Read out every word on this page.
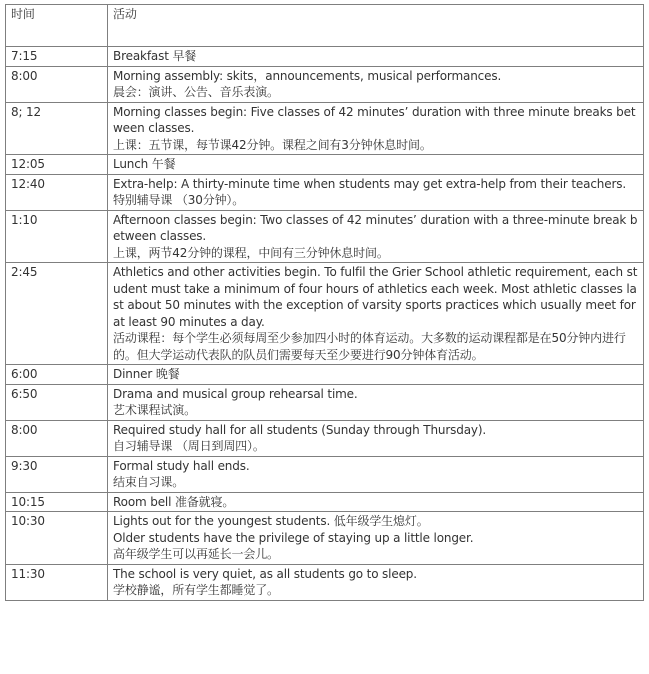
时间	活动
7:15	Breakfast 早餐

8:00	Morning assembly: skits，announcements, musical performances.
晨会：演讲、公告、音乐表演。

8; 12	Morning classes begin: Five classes of 42 minutes’ duration with three minute breaks between classes.
上课：五节课，每节课42分钟。课程之间有3分钟休息时间。

12:05	Lunch 午餐

12:40	Extra-help: A thirty-minute time when students may get extra-help from their teachers. 特别辅导课 （30分钟）。

1:10	Afternoon classes begin: Two classes of 42 minutes’ duration with a three-minute break between classes.
上课，两节42分钟的课程，中间有三分钟休息时间。

2:45	Athletics and other activities begin. To fulfil the Grier School athletic requirement, each student must take a minimum of four hours of athletics each week. Most athletic classes last about 50 minutes with the exception of varsity sports practices which usually meet for at least 90 minutes a day.
活动课程：每个学生必须每周至少参加四小时的体育运动。大多数的运动课程都是在50分钟内进行的。但大学运动代表队的队员们需要每天至少要进行90分钟体育活动。

6:00	Dinner 晚餐

6:50	Drama and musical group rehearsal time.
艺术课程试演。

8:00	Required study hall for all students (Sunday through Thursday).
自习辅导课 （周日到周四）。

9:30	Formal study hall ends.
结束自习课。

10:15	Room bell 准备就寝。

10:30	Lights out for the youngest students. 低年级学生熄灯。
Older students have the privilege of staying up a little longer.
高年级学生可以再延长一会儿。

11:30	The school is very quiet, as all students go to sleep.
学校静谧，所有学生都睡觉了。
